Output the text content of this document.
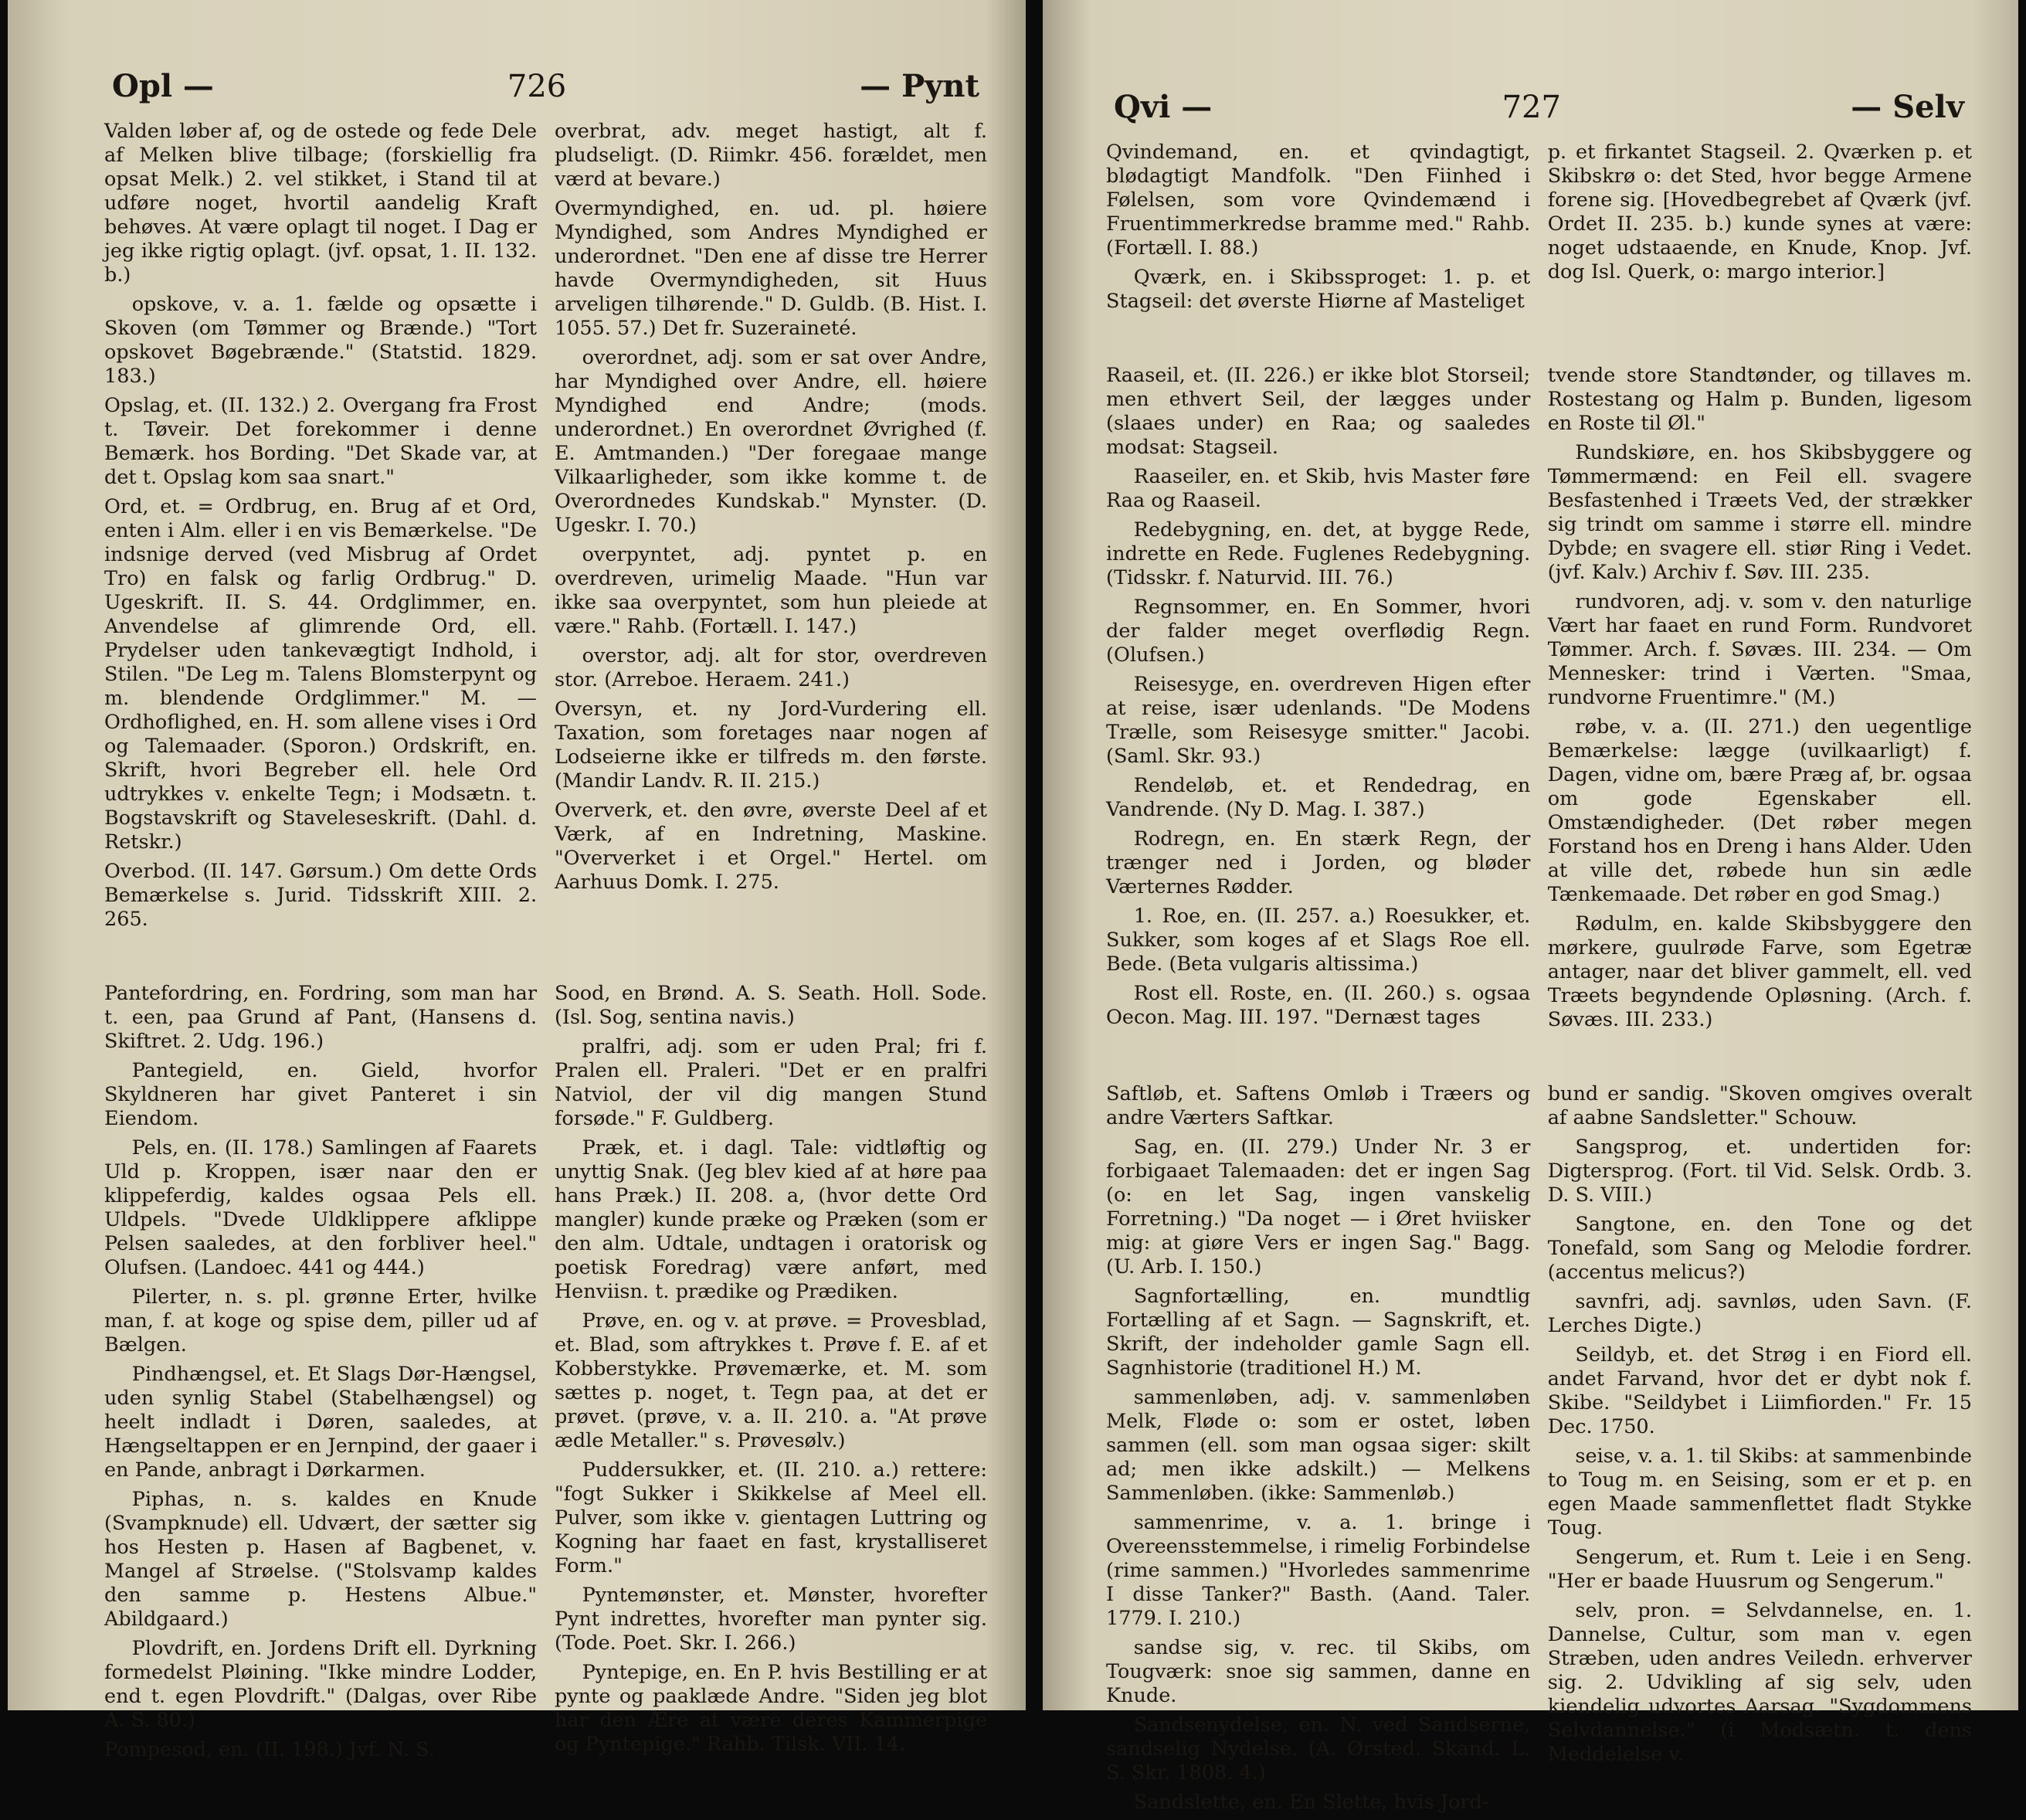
Opl —	726	— Pynt

Valden løber af, og de ostede og fede Dele af Melken blive tilbage; (forskiellig fra opsat Melk.) 2. vel stikket, i Stand til at udføre noget, hvortil aandelig Kraft behøves. At være oplagt til noget. I Dag er jeg ikke rigtig oplagt. (jvf. opsat, 1. II. 132. b.)

opskove, v. a. 1. fælde og opsætte i Skoven (om Tømmer og Brænde.) "Tort opskovet Bøgebrænde." (Statstid. 1829. 183.)

Opslag, et. (II. 132.) 2. Overgang fra Frost t. Tøveir. Det forekommer i denne Bemærk. hos Bording. "Det Skade var, at det t. Opslag kom saa snart."

Ord, et. = Ordbrug, en. Brug af et Ord, enten i Alm. eller i en vis Bemærkelse. "De indsnige derved (ved Misbrug af Ordet Tro) en falsk og farlig Ordbrug." D. Ugeskrift. II. S. 44. Ordglimmer, en. Anvendelse af glimrende Ord, ell. Prydelser uden tankevægtigt Indhold, i Stilen. "De Leg m. Talens Blomsterpynt og m. blendende Ordglimmer." M. — Ordhoflighed, en. H. som allene vises i Ord og Talemaader. (Sporon.) Ordskrift, en. Skrift, hvori Begreber ell. hele Ord udtrykkes v. enkelte Tegn; i Modsætn. t. Bogstavskrift og Staveleseskrift. (Dahl. d. Retskr.)

Overbod. (II. 147. Gørsum.) Om dette Ords Bemærkelse s. Jurid. Tidsskrift XIII. 2. 265.

overbrat, adv. meget hastigt, alt f. pludseligt. (D. Riimkr. 456. forældet, men værd at bevare.)

Overmyndighed, en. ud. pl. høiere Myndighed, som Andres Myndighed er underordnet. "Den ene af disse tre Herrer havde Overmyndigheden, sit Huus arveligen tilhørende." D. Guldb. (B. Hist. I. 1055. 57.) Det fr. Suzeraineté.

overordnet, adj. som er sat over Andre, har Myndighed over Andre, ell. høiere Myndighed end Andre; (mods. underordnet.) En overordnet Øvrighed (f. E. Amtmanden.) "Der foregaae mange Vilkaarligheder, som ikke komme t. de Overordnedes Kundskab." Mynster. (D. Ugeskr. I. 70.)

overpyntet, adj. pyntet p. en overdreven, urimelig Maade. "Hun var ikke saa overpyntet, som hun pleiede at være." Rahb. (Fortæll. I. 147.)

overstor, adj. alt for stor, overdreven stor. (Arreboe. Heraem. 241.)

Oversyn, et. ny Jord-Vurdering ell. Taxation, som foretages naar nogen af Lodseierne ikke er tilfreds m. den første. (Mandir Landv. R. II. 215.)

Oververk, et. den øvre, øverste Deel af et Værk, af en Indretning, Maskine. "Oververket i et Orgel." Hertel. om Aarhuus Domk. I. 275.

Pantefordring, en. Fordring, som man har t. een, paa Grund af Pant, (Hansens d. Skiftret. 2. Udg. 196.)

Pantegield, en. Gield, hvorfor Skyldneren har givet Panteret i sin Eiendom.

Pels, en. (II. 178.) Samlingen af Faarets Uld p. Kroppen, især naar den er klippeferdig, kaldes ogsaa Pels ell. Uldpels. "Dvede Uldklippere afklippe Pelsen saaledes, at den forbliver heel." Olufsen. (Landoec. 441 og 444.)

Pilerter, n. s. pl. grønne Erter, hvilke man, f. at koge og spise dem, piller ud af Bælgen.

Pindhængsel, et. Et Slags Dør-Hængsel, uden synlig Stabel (Stabelhængsel) og heelt indladt i Døren, saaledes, at Hængseltappen er en Jernpind, der gaaer i en Pande, anbragt i Dørkarmen.

Piphas, n. s. kaldes en Knude (Svampknude) ell. Udvært, der sætter sig hos Hesten p. Hasen af Bagbenet, v. Mangel af Strøelse. ("Stolsvamp kaldes den samme p. Hestens Albue." Abildgaard.)

Plovdrift, en. Jordens Drift ell. Dyrkning formedelst Pløining. "Ikke mindre Lodder, end t. egen Plovdrift." (Dalgas, over Ribe A. S. 80.)

Pompesod, en. (II. 198.) Jvf. N. S.

Sood, en Brønd. A. S. Seath. Holl. Sode. (Isl. Sog, sentina navis.)

pralfri, adj. som er uden Pral; fri f. Pralen ell. Praleri. "Det er en pralfri Natviol, der vil dig mangen Stund forsøde." F. Guldberg.

Præk, et. i dagl. Tale: vidtløftig og unyttig Snak. (Jeg blev kied af at høre paa hans Præk.) II. 208. a, (hvor dette Ord mangler) kunde præke og Præken (som er den alm. Udtale, undtagen i oratorisk og poetisk Foredrag) være anført, med Henviisn. t. prædike og Prædiken.

Prøve, en. og v. at prøve. = Provesblad, et. Blad, som aftrykkes t. Prøve f. E. af et Kobberstykke. Prøvemærke, et. M. som sættes p. noget, t. Tegn paa, at det er prøvet. (prøve, v. a. II. 210. a. "At prøve ædle Metaller." s. Prøvesølv.)

Puddersukker, et. (II. 210. a.) rettere: "fogt Sukker i Skikkelse af Meel ell. Pulver, som ikke v. gientagen Luttring og Kogning har faaet en fast, krystalliseret Form."

Pyntemønster, et. Mønster, hvorefter Pynt indrettes, hvorefter man pynter sig. (Tode. Poet. Skr. I. 266.)

Pyntepige, en. En P. hvis Bestilling er at pynte og paaklæde Andre. "Siden jeg blot har den Ære at være deres Kammerpige og Pyntepige." Rahb. Tilsk. VII. 14.

Qvi —	727	— Selv

Qvindemand, en. et qvindagtigt, blødagtigt Mandfolk. "Den Fiinhed i Følelsen, som vore Qvindemænd i Fruentimmerkredse bramme med." Rahb. (Fortæll. I. 88.)

Qværk, en. i Skibssproget: 1. p. et Stagseil: det øverste Hiørne af Masteliget

p. et firkantet Stagseil. 2. Qværken p. et Skibskrø o: det Sted, hvor begge Armene forene sig. [Hovedbegrebet af Qværk (jvf. Ordet II. 235. b.) kunde synes at være: noget udstaaende, en Knude, Knop. Jvf. dog Isl. Querk, o: margo interior.]

Raaseil, et. (II. 226.) er ikke blot Storseil; men ethvert Seil, der lægges under (slaaes under) en Raa; og saaledes modsat: Stagseil.

Raaseiler, en. et Skib, hvis Master føre Raa og Raaseil.

Redebygning, en. det, at bygge Rede, indrette en Rede. Fuglenes Redebygning. (Tidsskr. f. Naturvid. III. 76.)

Regnsommer, en. En Sommer, hvori der falder meget overflødig Regn. (Olufsen.)

Reisesyge, en. overdreven Higen efter at reise, især udenlands. "De Modens Trælle, som Reisesyge smitter." Jacobi. (Saml. Skr. 93.)

Rendeløb, et. et Rendedrag, en Vandrende. (Ny D. Mag. I. 387.)

Rodregn, en. En stærk Regn, der trænger ned i Jorden, og bløder Værternes Rødder.

1. Roe, en. (II. 257. a.) Roesukker, et. Sukker, som koges af et Slags Roe ell. Bede. (Beta vulgaris altissima.)

Rost ell. Roste, en. (II. 260.) s. ogsaa Oecon. Mag. III. 197. "Dernæst tages

tvende store Standtønder, og tillaves m. Rostestang og Halm p. Bunden, ligesom en Roste til Øl."

Rundskiøre, en. hos Skibsbyggere og Tømmermænd: en Feil ell. svagere Besfastenhed i Træets Ved, der strækker sig trindt om samme i større ell. mindre Dybde; en svagere ell. stiør Ring i Vedet. (jvf. Kalv.) Archiv f. Søv. III. 235.

rundvoren, adj. v. som v. den naturlige Vært har faaet en rund Form. Rundvoret Tømmer. Arch. f. Søvæs. III. 234. — Om Mennesker: trind i Værten. "Smaa, rundvorne Fruentimre." (M.)

røbe, v. a. (II. 271.) den uegentlige Bemærkelse: lægge (uvilkaarligt) f. Dagen, vidne om, bære Præg af, br. ogsaa om gode Egenskaber ell. Omstændigheder. (Det røber megen Forstand hos en Dreng i hans Alder. Uden at ville det, røbede hun sin ædle Tænkemaade. Det røber en god Smag.)

Rødulm, en. kalde Skibsbyggere den mørkere, guulrøde Farve, som Egetræ antager, naar det bliver gammelt, ell. ved Træets begyndende Opløsning. (Arch. f. Søvæs. III. 233.)

Saftløb, et. Saftens Omløb i Træers og andre Værters Saftkar.

Sag, en. (II. 279.) Under Nr. 3 er forbigaaet Talemaaden: det er ingen Sag (o: en let Sag, ingen vanskelig Forretning.) "Da noget — i Øret hviisker mig: at giøre Vers er ingen Sag." Bagg. (U. Arb. I. 150.)

Sagnfortælling, en. mundtlig Fortælling af et Sagn. — Sagnskrift, et. Skrift, der indeholder gamle Sagn ell. Sagnhistorie (traditionel H.) M.

sammenløben, adj. v. sammenløben Melk, Fløde o: som er ostet, løben sammen (ell. som man ogsaa siger: skilt ad; men ikke adskilt.) — Melkens Sammenløben. (ikke: Sammenløb.)

sammenrime, v. a. 1. bringe i Overeensstemmelse, i rimelig Forbindelse (rime sammen.) "Hvorledes sammenrime I disse Tanker?" Basth. (Aand. Taler. 1779. I. 210.)

sandse sig, v. rec. til Skibs, om Tougværk: snoe sig sammen, danne en Knude.

Sandsenydelse, en. N. ved Sandserne, sandselig Nydelse. (A. Ørsted. Skand. L. S. Skr. 1808. 4.)

Sandslette, en. En Slette, hvis Jord-

bund er sandig. "Skoven omgives overalt af aabne Sandsletter." Schouw.

Sangsprog, et. undertiden for: Digtersprog. (Fort. til Vid. Selsk. Ordb. 3. D. S. VIII.)

Sangtone, en. den Tone og det Tonefald, som Sang og Melodie fordrer. (accentus melicus?)

savnfri, adj. savnløs, uden Savn. (F. Lerches Digte.)

Seildyb, et. det Strøg i en Fiord ell. andet Farvand, hvor det er dybt nok f. Skibe. "Seildybet i Liimfiorden." Fr. 15 Dec. 1750.

seise, v. a. 1. til Skibs: at sammenbinde to Toug m. en Seising, som er et p. en egen Maade sammenflettet fladt Stykke Toug.

Sengerum, et. Rum t. Leie i en Seng. "Her er baade Huusrum og Sengerum."

selv, pron. = Selvdannelse, en. 1. Dannelse, Cultur, som man v. egen Stræben, uden andres Veiledn. erhverver sig. 2. Udvikling af sig selv, uden kiendelig udvortes Aarsag. "Sygdommens Selvdannelse." (i Modsætn. t. dens Meddelelse v.
